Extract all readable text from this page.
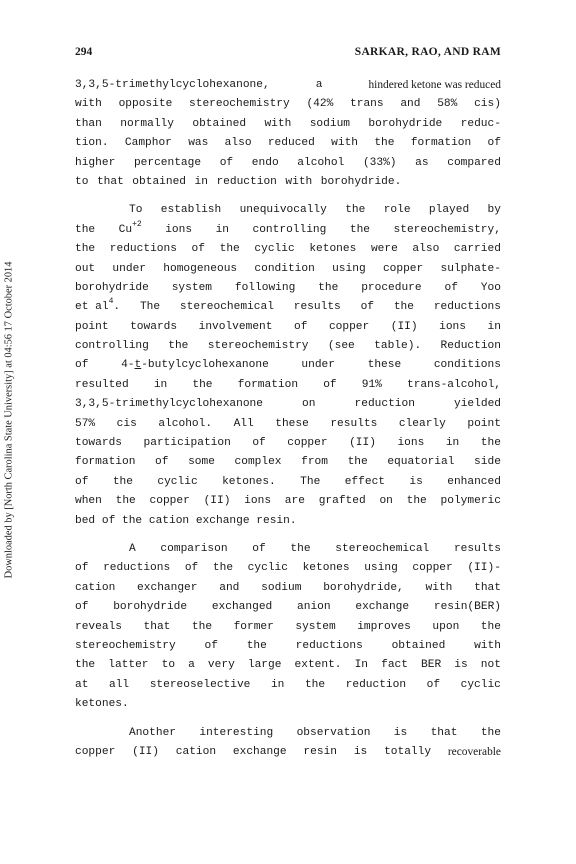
294	SARKAR, RAO, AND RAM
Downloaded by [North Carolina State University] at 04:56 17 October 2014
3,3,5-trimethylcyclohexanone,	a	hindered ketone was reduced
with opposite stereochemistry (42% trans and 58% cis)
than normally obtained with sodium borohydride reduc-
tion. Camphor was also reduced with the formation of
higher percentage of endo alcohol (33%) as compared
to that obtained in reduction with borohydride.
To establish unequivocally the role played by
the $Cu^{+2}$ ions in controlling the stereochemistry,
the reductions of the cyclic ketones were also carried
out under homogeneous condition using copper sulphate-
borohydride system following the procedure of Yoo
et $al^4$. The stereochemical results of the reductions
point towards involvement of copper (II) ions in
controlling the stereochemistry (see table). Reduction
of	4-t-butylcyclohexanone	under	these	conditions
resulted in the formation of 91% trans-alcohol,
3,3,5-trimethylcyclohexanone	on	reduction	yielded
57% cis alcohol. All these results clearly point
towards participation of copper (II) ions in the
formation of some complex from the equatorial side
of the cyclic ketones. The effect is enhanced
when the copper (II) ions are grafted on the polymeric
bed of the cation exchange resin.
A comparison of the stereochemical results
of reductions of the cyclic ketones using copper (II)-
cation exchanger and sodium borohydride, with that
of borohydride exchanged anion exchange resin(BER)
reveals that the former system improves upon the
stereochemistry	of	the	reductions	obtained	with
the latter to a very large extent. In fact BER is not
at all stereoselective in the reduction of cyclic
ketones.
Another interesting observation is that the
copper (II) cation exchange resin is totally recoverable
